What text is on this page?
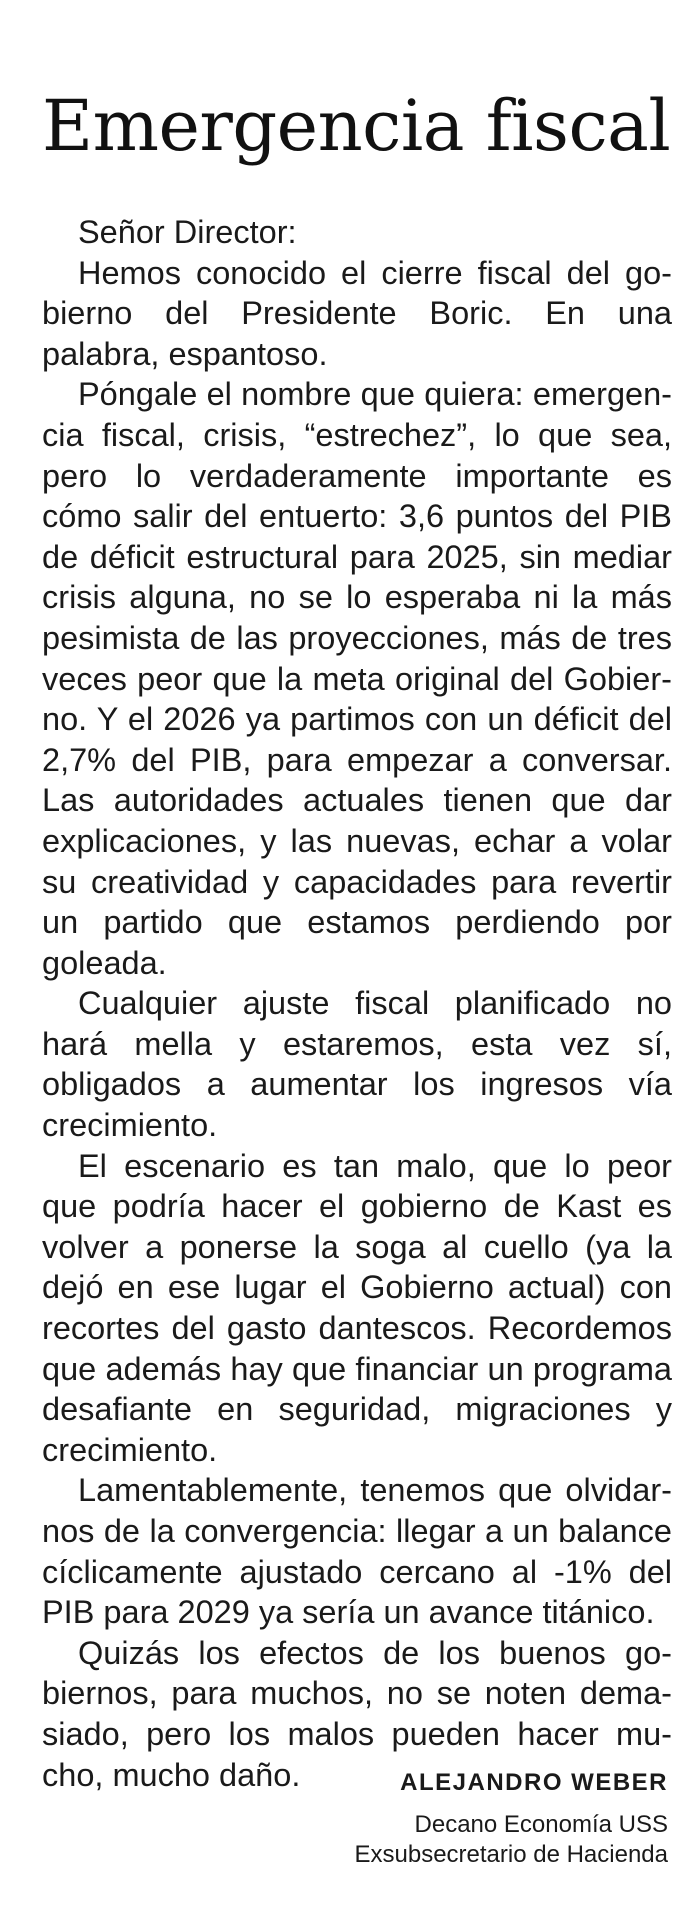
Emergencia fiscal

Señor Director:

Hemos conocido el cierre fiscal del gobierno del Presidente Boric. En una palabra, espantoso.

Póngale el nombre que quiera: emergencia fiscal, crisis, “estrechez”, lo que sea, pero lo verdaderamente importante es cómo salir del entuerto: 3,6 puntos del PIB de déficit estructural para 2025, sin mediar crisis alguna, no se lo esperaba ni la más pesimista de las proyecciones, más de tres veces peor que la meta original del Gobierno. Y el 2026 ya partimos con un déficit del 2,7% del PIB, para empezar a conversar. Las autoridades actuales tienen que dar explicaciones, y las nuevas, echar a volar su creatividad y capacidades para revertir un partido que estamos perdiendo por goleada.

Cualquier ajuste fiscal planificado no hará mella y estaremos, esta vez sí, obligados a aumentar los ingresos vía crecimiento.

El escenario es tan malo, que lo peor que podría hacer el gobierno de Kast es volver a ponerse la soga al cuello (ya la dejó en ese lugar el Gobierno actual) con recortes del gasto dantescos. Recordemos que además hay que financiar un programa desafiante en seguridad, migraciones y crecimiento.

Lamentablemente, tenemos que olvidarnos de la convergencia: llegar a un balance cíclicamente ajustado cercano al -1% del PIB para 2029 ya sería un avance titánico.

Quizás los efectos de los buenos gobiernos, para muchos, no se noten demasiado, pero los malos pueden hacer mucho, mucho daño.	ALEJANDRO WEBER
Decano Economía USS
Exsubsecretario de Hacienda
